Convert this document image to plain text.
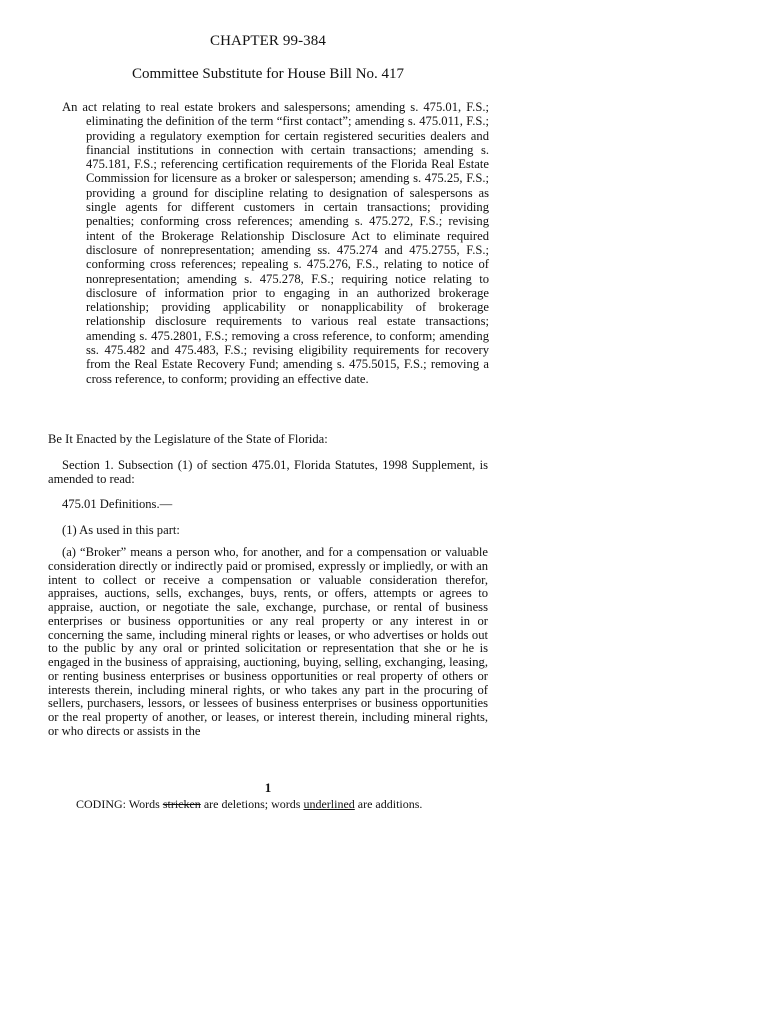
CHAPTER 99-384
Committee Substitute for House Bill No. 417
An act relating to real estate brokers and salespersons; amending s. 475.01, F.S.; eliminating the definition of the term “first contact”; amending s. 475.011, F.S.; providing a regulatory exemption for certain registered securities dealers and financial institutions in connection with certain transactions; amending s. 475.181, F.S.; referencing certification requirements of the Florida Real Estate Commission for licensure as a broker or salesperson; amending s. 475.25, F.S.; providing a ground for discipline relating to designation of salespersons as single agents for different customers in certain transactions; providing penalties; conforming cross references; amending s. 475.272, F.S.; revising intent of the Brokerage Relationship Disclosure Act to eliminate required disclosure of nonrepresentation; amending ss. 475.274 and 475.2755, F.S.; conforming cross references; repealing s. 475.276, F.S., relating to notice of nonrepresentation; amending s. 475.278, F.S.; requiring notice relating to disclosure of information prior to engaging in an authorized brokerage relationship; providing applicability or nonapplicability of brokerage relationship disclosure requirements to various real estate transactions; amending s. 475.2801, F.S.; removing a cross reference, to conform; amending ss. 475.482 and 475.483, F.S.; revising eligibility requirements for recovery from the Real Estate Recovery Fund; amending s. 475.5015, F.S.; removing a cross reference, to conform; providing an effective date.
Be It Enacted by the Legislature of the State of Florida:
Section 1. Subsection (1) of section 475.01, Florida Statutes, 1998 Supplement, is amended to read:
475.01 Definitions.—
(1) As used in this part:
(a) “Broker” means a person who, for another, and for a compensation or valuable consideration directly or indirectly paid or promised, expressly or impliedly, or with an intent to collect or receive a compensation or valuable consideration therefor, appraises, auctions, sells, exchanges, buys, rents, or offers, attempts or agrees to appraise, auction, or negotiate the sale, exchange, purchase, or rental of business enterprises or business opportunities or any real property or any interest in or concerning the same, including mineral rights or leases, or who advertises or holds out to the public by any oral or printed solicitation or representation that she or he is engaged in the business of appraising, auctioning, buying, selling, exchanging, leasing, or renting business enterprises or business opportunities or real property of others or interests therein, including mineral rights, or who takes any part in the procuring of sellers, purchasers, lessors, or lessees of business enterprises or business opportunities or the real property of another, or leases, or interest therein, including mineral rights, or who directs or assists in the
1
CODING: Words stricken are deletions; words underlined are additions.
